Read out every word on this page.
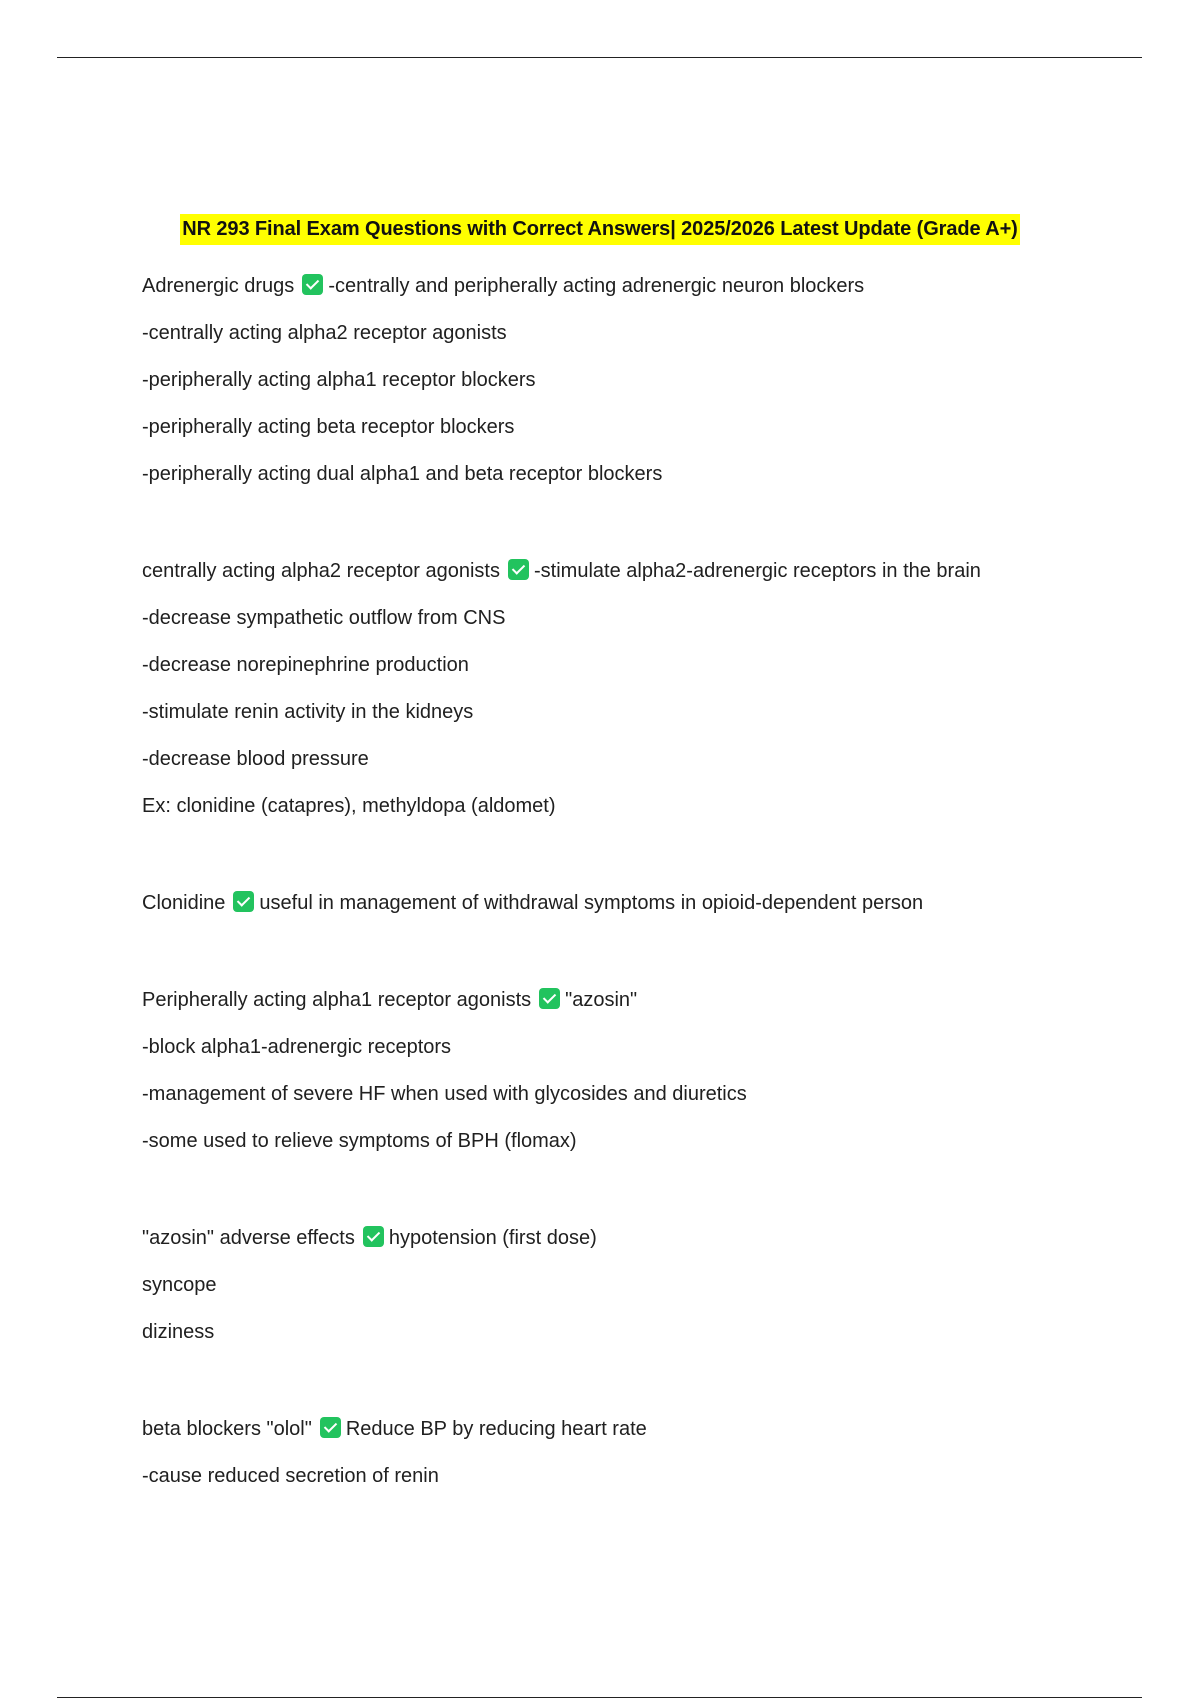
NR 293 Final Exam Questions with Correct Answers| 2025/2026 Latest Update (Grade A+)
Adrenergic drugs -centrally and peripherally acting adrenergic neuron blockers
-centrally acting alpha2 receptor agonists
-peripherally acting alpha1 receptor blockers
-peripherally acting beta receptor blockers
-peripherally acting dual alpha1 and beta receptor blockers
centrally acting alpha2 receptor agonists -stimulate alpha2-adrenergic receptors in the brain
-decrease sympathetic outflow from CNS
-decrease norepinephrine production
-stimulate renin activity in the kidneys
-decrease blood pressure
Ex: clonidine (catapres), methyldopa (aldomet)
Clonidine useful in management of withdrawal symptoms in opioid-dependent person
Peripherally acting alpha1 receptor agonists "azosin"
-block alpha1-adrenergic receptors
-management of severe HF when used with glycosides and diuretics
-some used to relieve symptoms of BPH (flomax)
"azosin" adverse effects hypotension (first dose)
syncope
diziness
beta blockers "olol" Reduce BP by reducing heart rate
-cause reduced secretion of renin
